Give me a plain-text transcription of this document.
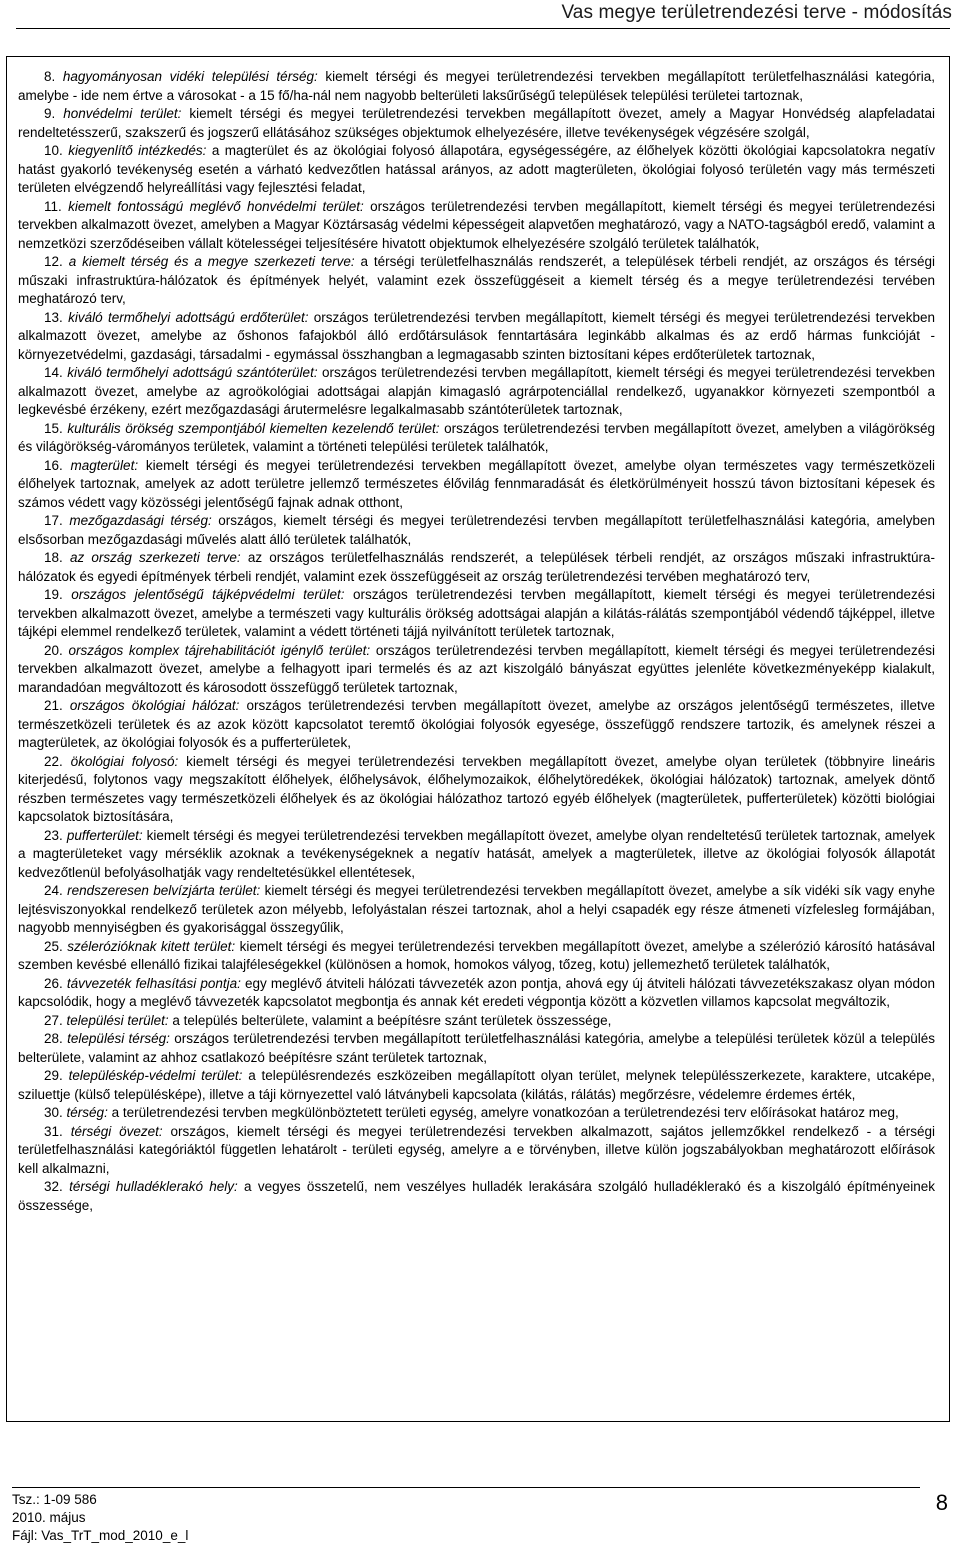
Vas megye területrendezési terve - módosítás

8. hagyományosan vidéki települési térség: kiemelt térségi és megyei területrendezési tervekben megállapított területfelhasználási kategória, amelybe - ide nem értve a városokat - a 15 fő/ha-nál nem nagyobb belterületi laksűrűségű települések települési területei tartoznak,

9. honvédelmi terület: kiemelt térségi és megyei területrendezési tervekben megállapított övezet, amely a Magyar Honvédség alapfeladatai rendeltetésszerű, szakszerű és jogszerű ellátásához szükséges objektumok elhelyezésére, illetve tevékenységek végzésére szolgál,

10. kiegyenlítő intézkedés: a magterület és az ökológiai folyosó állapotára, egységességére, az élőhelyek közötti ökológiai kapcsolatokra negatív hatást gyakorló tevékenység esetén a várható kedvezőtlen hatással arányos, az adott magterületen, ökológiai folyosó területén vagy más természeti területen elvégzendő helyreállítási vagy fejlesztési feladat,

11. kiemelt fontosságú meglévő honvédelmi terület: országos területrendezési tervben megállapított, kiemelt térségi és megyei területrendezési tervekben alkalmazott övezet, amelyben a Magyar Köztársaság védelmi képességeit alapvetően meghatározó, vagy a NATO-tagságból eredő, valamint a nemzetközi szerződéseiben vállalt kötelességei teljesítésére hivatott objektumok elhelyezésére szolgáló területek találhatók,

12. a kiemelt térség és a megye szerkezeti terve: a térségi területfelhasználás rendszerét, a települések térbeli rendjét, az országos és térségi műszaki infrastruktúra-hálózatok és építmények helyét, valamint ezek összefüggéseit a kiemelt térség és a megye területrendezési tervében meghatározó terv,

13. kiváló termőhelyi adottságú erdőterület: országos területrendezési tervben megállapított, kiemelt térségi és megyei területrendezési tervekben alkalmazott övezet, amelybe az őshonos fafajokból álló erdőtársulások fenntartására leginkább alkalmas és az erdő hármas funkcióját - környezetvédelmi, gazdasági, társadalmi - egymással összhangban a legmagasabb szinten biztosítani képes erdőterületek tartoznak,

14. kiváló termőhelyi adottságú szántóterület: országos területrendezési tervben megállapított, kiemelt térségi és megyei területrendezési tervekben alkalmazott övezet, amelybe az agroökológiai adottságai alapján kimagasló agrárpotenciállal rendelkező, ugyanakkor környezeti szempontból a legkevésbé érzékeny, ezért mezőgazdasági árutermelésre legalkalmasabb szántóterületek tartoznak,

15. kulturális örökség szempontjából kiemelten kezelendő terület: országos területrendezési tervben megállapított övezet, amelyben a világörökség és világörökség-várományos területek, valamint a történeti települési területek találhatók,

16. magterület: kiemelt térségi és megyei területrendezési tervekben megállapított övezet, amelybe olyan természetes vagy természetközeli élőhelyek tartoznak, amelyek az adott területre jellemző természetes élővilág fennmaradását és életkörülményeit hosszú távon biztosítani képesek és számos védett vagy közösségi jelentőségű fajnak adnak otthont,

17. mezőgazdasági térség: országos, kiemelt térségi és megyei területrendezési tervben megállapított területfelhasználási kategória, amelyben elsősorban mezőgazdasági művelés alatt álló területek találhatók,

18. az ország szerkezeti terve: az országos területfelhasználás rendszerét, a települések térbeli rendjét, az országos műszaki infrastruktúra-hálózatok és egyedi építmények térbeli rendjét, valamint ezek összefüggéseit az ország területrendezési tervében meghatározó terv,

19. országos jelentőségű tájképvédelmi terület: országos területrendezési tervben megállapított, kiemelt térségi és megyei területrendezési tervekben alkalmazott övezet, amelybe a természeti vagy kulturális örökség adottságai alapján a kilátás-rálátás szempontjából védendő tájképpel, illetve tájképi elemmel rendelkező területek, valamint a védett történeti tájjá nyilvánított területek tartoznak,

20. országos komplex tájrehabilitációt igénylő terület: országos területrendezési tervben megállapított, kiemelt térségi és megyei területrendezési tervekben alkalmazott övezet, amelybe a felhagyott ipari termelés és az azt kiszolgáló bányászat együttes jelenléte következményeképp kialakult, marandadóan megváltozott és károsodott összefüggő területek tartoznak,

21. országos ökológiai hálózat: országos területrendezési tervben megállapított övezet, amelybe az országos jelentőségű természetes, illetve természetközeli területek és az azok között kapcsolatot teremtő ökológiai folyosók egyesége, összefüggő rendszere tartozik, és amelynek részei a magterületek, az ökológiai folyosók és a pufferterületek,

22. ökológiai folyosó: kiemelt térségi és megyei területrendezési tervekben megállapított övezet, amelybe olyan területek (többnyire lineáris kiterjedésű, folytonos vagy megszakított élőhelyek, élőhelysávok, élőhelymozaikok, élőhelytöredékek, ökológiai hálózatok) tartoznak, amelyek döntő részben természetes vagy természetközeli élőhelyek és az ökológiai hálózathoz tartozó egyéb élőhelyek (magterületek, pufferterületek) közötti biológiai kapcsolatok biztosítására,

23. pufferterület: kiemelt térségi és megyei területrendezési tervekben megállapított övezet, amelybe olyan rendeltetésű területek tartoznak, amelyek a magterületeket vagy mérséklik azoknak a tevékenységeknek a negatív hatását, amelyek a magterületek, illetve az ökológiai folyosók állapotát kedvezőtlenül befolyásolhatják vagy rendeltetésükkel ellentétesek,

24. rendszeresen belvízjárta terület: kiemelt térségi és megyei területrendezési tervekben megállapított övezet, amelybe a sík vidéki sík vagy enyhe lejtésviszonyokkal rendelkező területek azon mélyebb, lefolyástalan részei tartoznak, ahol a helyi csapadék egy része átmeneti vízfelesleg formájában, nagyobb mennyiségben és gyakorisággal összegyűlik,

25. szélerózióknak kitett terület: kiemelt térségi és megyei területrendezési tervekben megállapított övezet, amelybe a szélerózió károsító hatásával szemben kevésbé ellenálló fizikai talajféleségekkel (különösen a homok, homokos vályog, tőzeg, kotu) jellemezhető területek találhatók,

26. távvezeték felhasítási pontja: egy meglévő átviteli hálózati távvezeték azon pontja, ahová egy új átviteli hálózati távvezetékszakasz olyan módon kapcsolódik, hogy a meglévő távvezeték kapcsolatot megbontja és annak két eredeti végpontja között a közvetlen villamos kapcsolat megváltozik,

27. települési terület: a település belterülete, valamint a beépítésre szánt területek összessége,

28. települési térség: országos területrendezési tervben megállapított területfelhasználási kategória, amelybe a települési területek közül a település belterülete, valamint az ahhoz csatlakozó beépítésre szánt területek tartoznak,

29. településkép-védelmi terület: a településrendezés eszközeiben megállapított olyan terület, melynek településszerkezete, karaktere, utcaképe, sziluettje (külső településképe), illetve a táji környezettel való látványbeli kapcsolata (kilátás, rálátás) megőrzésre, védelemre érdemes érték,

30. térség: a területrendezési tervben megkülönböztetett területi egység, amelyre vonatkozóan a területrendezési terv előírásokat határoz meg,

31. térségi övezet: országos, kiemelt térségi és megyei területrendezési tervekben alkalmazott, sajátos jellemzőkkel rendelkező - a térségi területfelhasználási kategóriáktól független lehatárolt - területi egység, amelyre a e törvényben, illetve külön jogszabályokban meghatározott előírások kell alkalmazni,

32. térségi hulladéklerakó hely: a vegyes összetelű, nem veszélyes hulladék lerakására szolgáló hulladéklerakó és a kiszolgáló építményeinek összessége,

Tsz.: 1-09 586
2010. május
Fájl: Vas_TrT_mod_2010_e_l
8
